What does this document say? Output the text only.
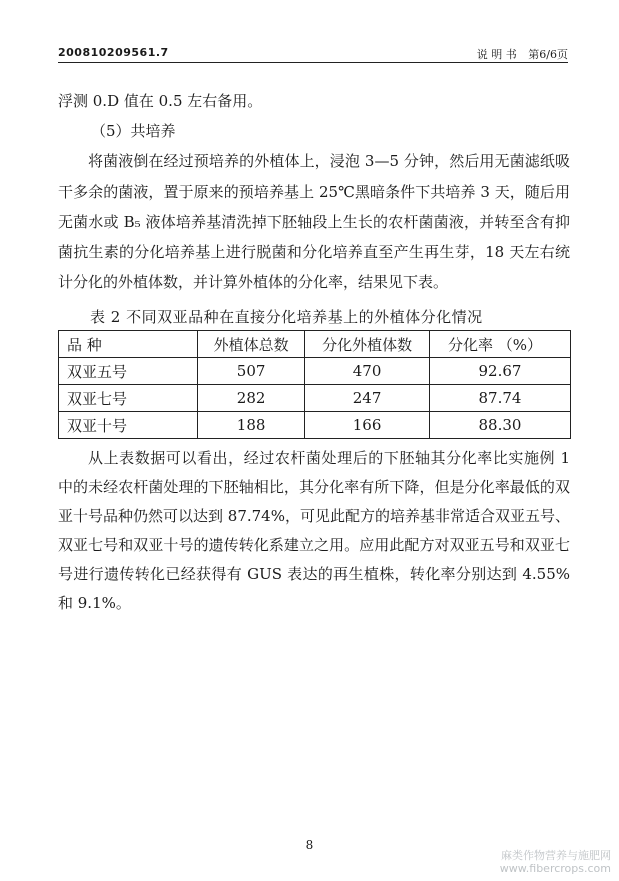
200810209561.7	说 明 书 第6/6页

浮测 0.D 值在 0.5 左右备用。

（5）共培养

将菌液倒在经过预培养的外植体上，浸泡 3—5 分钟，然后用无菌滤纸吸干多余的菌液，置于原来的预培养基上 25℃黑暗条件下共培养 3 天，随后用无菌水或 B₅ 液体培养基清洗掉下胚轴段上生长的农杆菌菌液，并转至含有抑菌抗生素的分化培养基上进行脱菌和分化培养直至产生再生芽，18 天左右统计分化的外植体数，并计算外植体的分化率，结果见下表。

表 2 不同双亚品种在直接分化培养基上的外植体分化情况
品 种	外植体总数	分化外植体数	分化率 （%）
双亚五号	507	470	92.67
双亚七号	282	247	87.74
双亚十号	188	166	88.30

从上表数据可以看出，经过农杆菌处理后的下胚轴其分化率比实施例 1 中的未经农杆菌处理的下胚轴相比，其分化率有所下降，但是分化率最低的双亚十号品种仍然可以达到 87.74%，可见此配方的培养基非常适合双亚五号、双亚七号和双亚十号的遗传转化系建立之用。应用此配方对双亚五号和双亚七号进行遗传转化已经获得有 GUS 表达的再生植株，转化率分别达到 4.55%和 9.1%。

8
麻类作物营养与施肥网
www.fibercrops.com
